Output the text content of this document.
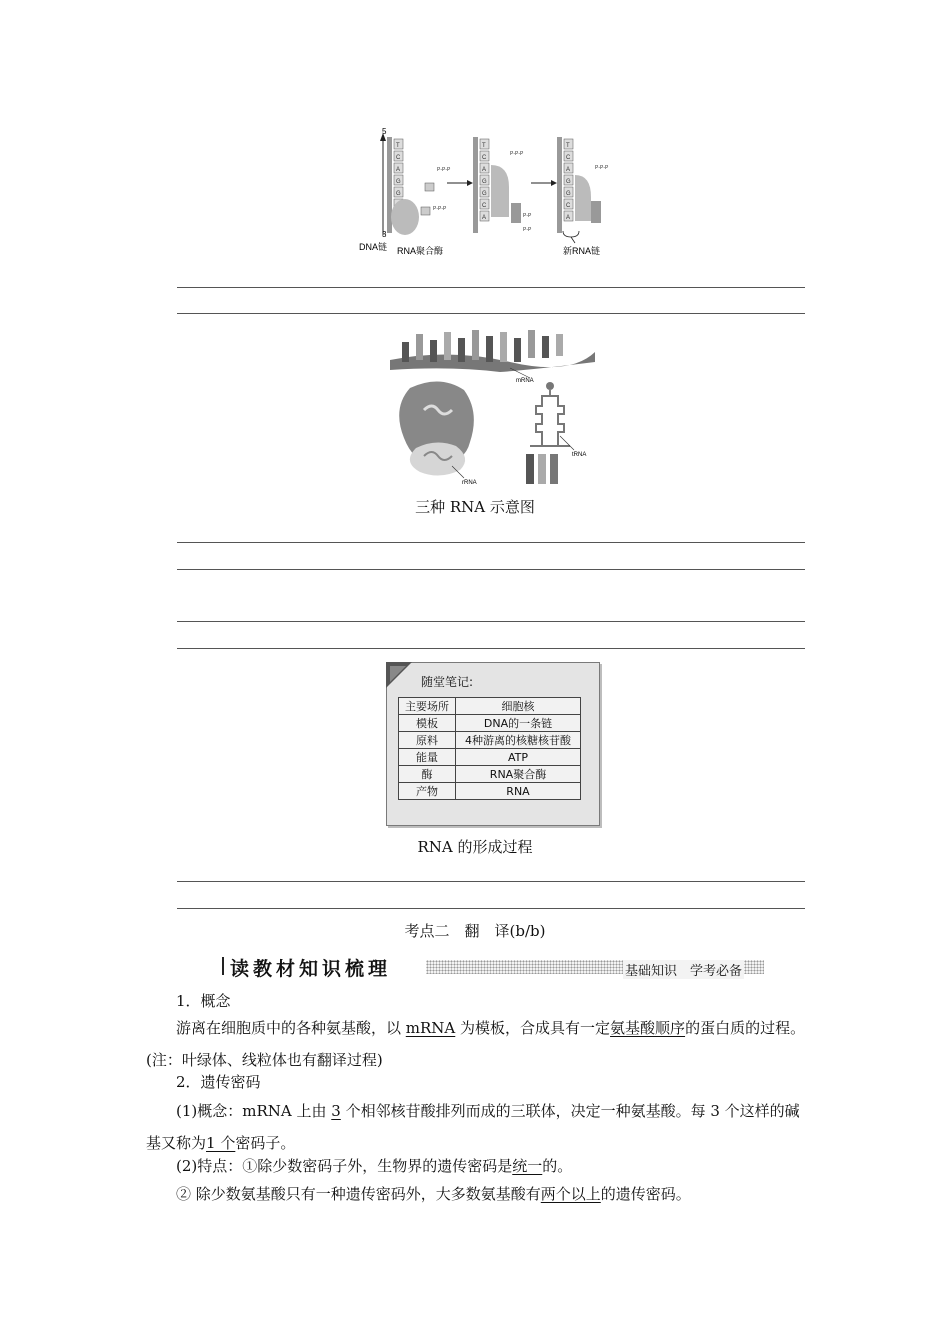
5
3
T
C
A
G
G
P-P-P
P-P-P
T
C
A
G
G
C
A
P-P-P
P-P
P-P
T
C
A
G
G
C
A
P-P-P
DNA链 RNA聚合酶	新RNA链
mRNA
rRNA
tRNA
三种 RNA 示意图
随堂笔记:
主要场所	细胞核
模板	DNA的一条链
原料	4种游离的核糖核苷酸
能量	ATP
酶	RNA聚合酶
产物	RNA
RNA 的形成过程
考点二　翻　译(b/b)
读教材知识梳理	基础知识　学考必备
1．概念
游离在细胞质中的各种氨基酸，以 mRNA 为模板，合成具有一定氨基酸顺序的蛋白质的过程。(注：叶绿体、线粒体也有翻译过程)
2．遗传密码
(1)概念：mRNA 上由 3 个相邻核苷酸排列而成的三联体，决定一种氨基酸。每 3 个这样的碱基又称为1 个密码子。
(2)特点：①除少数密码子外，生物界的遗传密码是统一的。
② 除少数氨基酸只有一种遗传密码外，大多数氨基酸有两个以上的遗传密码。
